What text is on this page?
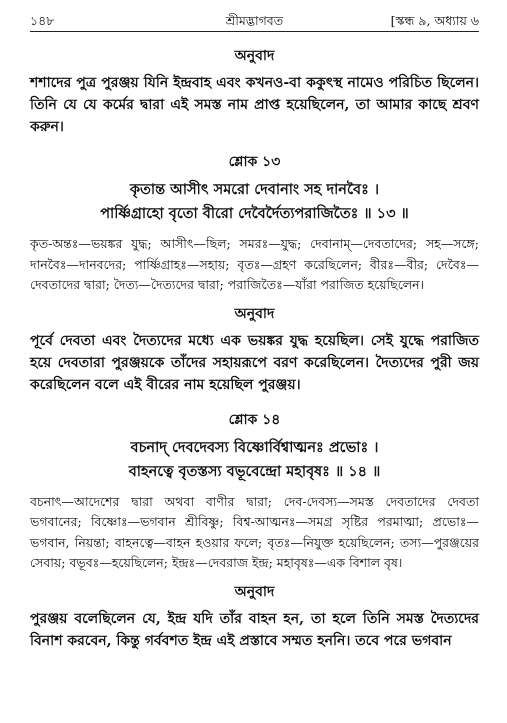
১৪৮	শ্রীমদ্ভাগবত	[স্কন্ধ ৯, অধ্যায় ৬
অনুবাদ

শশাদের পুত্র পুরঞ্জয় যিনি ইন্দ্রবাহ এবং কখনও-বা ককুৎস্থ নামেও পরিচিত ছিলেন। তিনি যে যে কর্মের দ্বারা এই সমস্ত নাম প্রাপ্ত হয়েছিলেন, তা আমার কাছে শ্রবণ করুন।

শ্লোক ১৩
কৃতান্ত আসীৎ সমরো দেবানাং সহ দানবৈঃ ।
পার্ষ্ণিগ্রাহো বৃতো বীরো দেবৈর্দৈত্যপরাজিতৈঃ ॥ ১৩ ॥

কৃত-অন্তঃ—ভয়ঙ্কর যুদ্ধ; আসীৎ—ছিল; সমরঃ—যুদ্ধ; দেবানাম্—দেবতাদের; সহ—সঙ্গে; দানবৈঃ—দানবদের; পার্ষ্ণিগ্রাহঃ—সহায়; বৃতঃ—গ্রহণ করেছিলেন; বীরঃ—বীর; দেবৈঃ—দেবতাদের দ্বারা; দৈত্য—দৈত্যদের দ্বারা; পরাজিতৈঃ—যাঁরা পরাজিত হয়েছিলেন।

অনুবাদ

পূর্বে দেবতা এবং দৈত্যদের মধ্যে এক ভয়ঙ্কর যুদ্ধ হয়েছিল। সেই যুদ্ধে পরাজিত হয়ে দেবতারা পুরঞ্জয়কে তাঁদের সহায়রূপে বরণ করেছিলেন। দৈত্যদের পুরী জয় করেছিলেন বলে এই বীরের নাম হয়েছিল পুরঞ্জয়।

শ্লোক ১৪
বচনাদ্ দেবদেবস্য বিষ্ণোর্বিশ্বাত্মনঃ প্রভোঃ ।
বাহনত্বে বৃতস্তস্য বভূবেন্দ্রো মহাবৃষঃ ॥ ১৪ ॥

বচনাৎ—আদেশের দ্বারা অথবা বাণীর দ্বারা; দেব-দেবস্য—সমস্ত দেবতাদের দেবতা ভগবানের; বিষ্ণোঃ—ভগবান শ্রীবিষ্ণু; বিশ্ব-আত্মনঃ—সমগ্র সৃষ্টির পরমাত্মা; প্রভোঃ—ভগবান, নিয়ন্তা; বাহনত্বে—বাহন হওয়ার ফলে; বৃতঃ—নিযুক্ত হয়েছিলেন; তস্য—পুরঞ্জয়ের সেবায়; বভূবঃ—হয়েছিলেন; ইন্দ্রঃ—দেবরাজ ইন্দ্র; মহাবৃষঃ—এক বিশাল বৃষ।

অনুবাদ

পুরঞ্জয় বলেছিলেন যে, ইন্দ্র যদি তাঁর বাহন হন, তা হলে তিনি সমস্ত দৈত্যদের বিনাশ করবেন, কিন্তু গর্ববশত ইন্দ্র এই প্রস্তাবে সম্মত হননি। তবে পরে ভগবান
